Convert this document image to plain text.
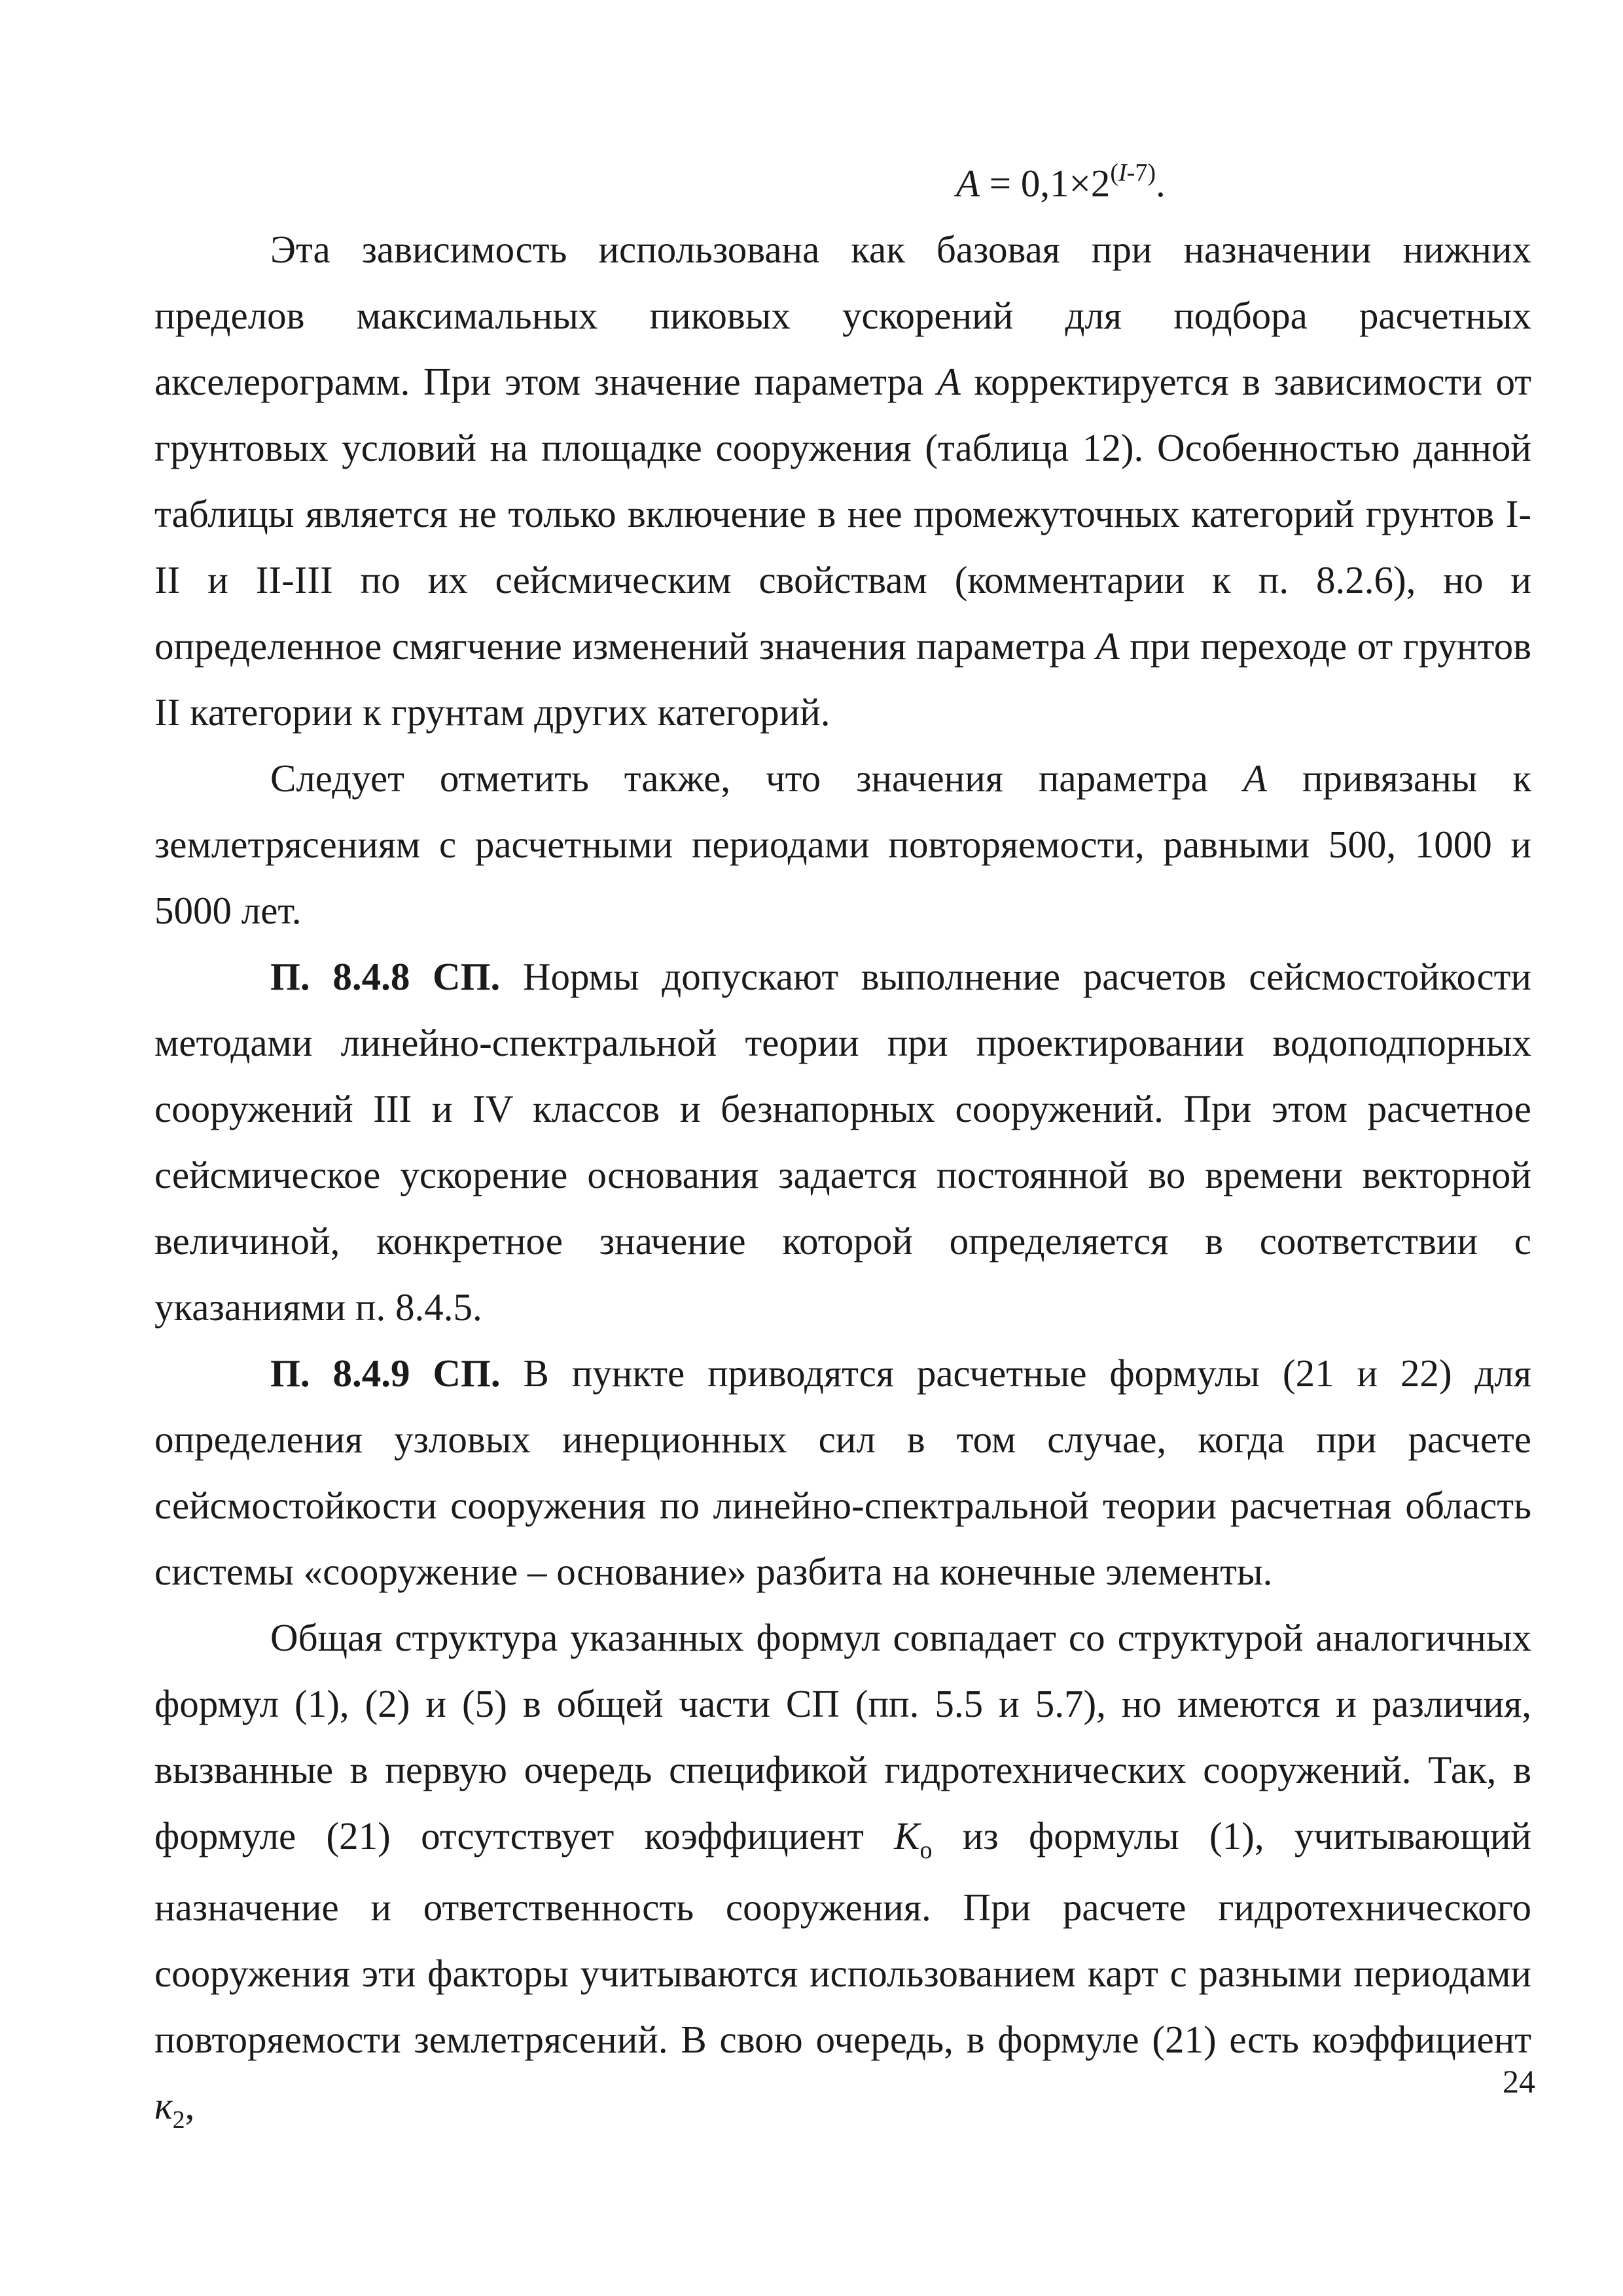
$A = 0,1\times 2^{(I-7)}$.

Эта зависимость использована как базовая при назначении нижних пределов максимальных пиковых ускорений для подбора расчетных акселерограмм. При этом значение параметра A корректируется в зависимости от грунтовых условий на площадке сооружения (таблица 12). Особенностью данной таблицы является не только включение в нее промежуточных категорий грунтов I-II и II-III по их сейсмическим свойствам (комментарии к п. 8.2.6), но и определенное смягчение изменений значения параметра A при переходе от грунтов II категории к грунтам других категорий.

Следует отметить также, что значения параметра A привязаны к землетрясениям с расчетными периодами повторяемости, равными 500, 1000 и 5000 лет.

П. 8.4.8 СП. Нормы допускают выполнение расчетов сейсмостойкости методами линейно-спектральной теории при проектировании водоподпорных сооружений III и IV классов и безнапорных сооружений. При этом расчетное сейсмическое ускорение основания задается постоянной во времени векторной величиной, конкретное значение которой определяется в соответствии с указаниями п. 8.4.5.

П. 8.4.9 СП. В пункте приводятся расчетные формулы (21 и 22) для определения узловых инерционных сил в том случае, когда при расчете сейсмостойкости сооружения по линейно-спектральной теории расчетная область системы «сооружение – основание» разбита на конечные элементы.

Общая структура указанных формул совпадает со структурой аналогичных формул (1), (2) и (5) в общей части СП (пп. 5.5 и 5.7), но имеются и различия, вызванные в первую очередь спецификой гидротехнических сооружений. Так, в формуле (21) отсутствует коэффициент $K_о$ из формулы (1), учитывающий назначение и ответственность сооружения. При расчете гидротехнического сооружения эти факторы учитываются использованием карт с разными периодами повторяемости землетрясений. В свою очередь, в формуле (21) есть коэффициент $к_2$,

24
